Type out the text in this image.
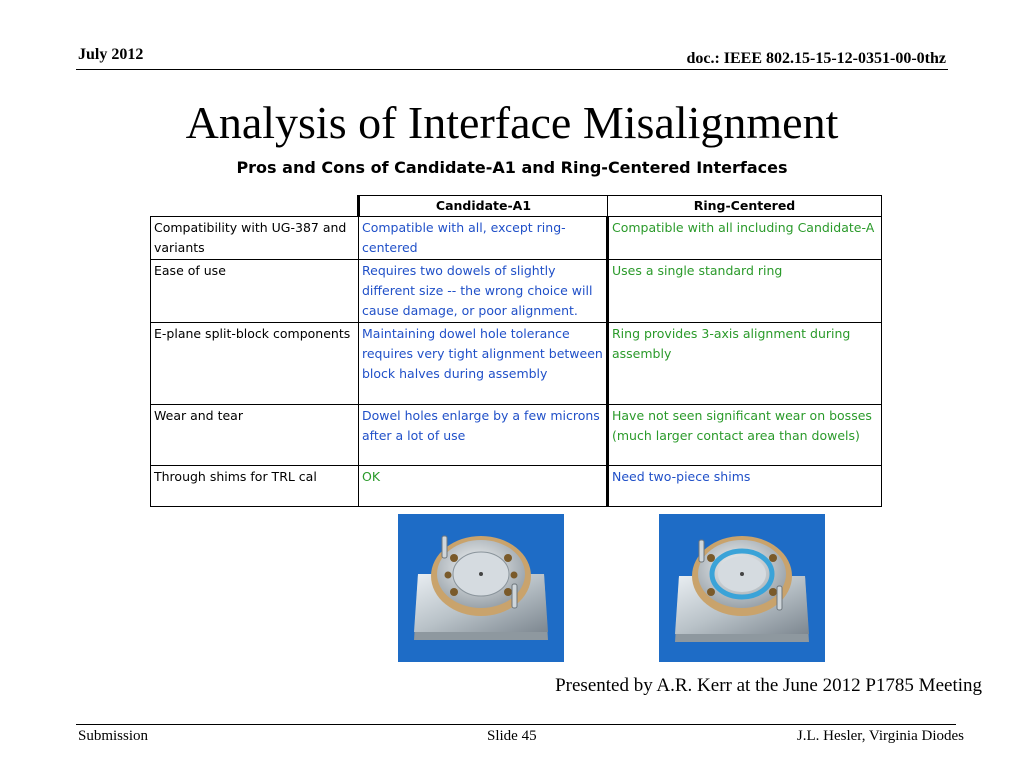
July 2012	doc.: IEEE 802.15-15-12-0351-00-0thz
Analysis of Interface Misalignment
Pros and Cons of Candidate-A1 and Ring-Centered Interfaces
	Candidate-A1	Ring-Centered
Compatibility with UG-387 and variants	Compatible with all, except ring-centered	Compatible with all including Candidate-A
Ease of use	Requires two dowels of slightly different size -- the wrong choice will cause damage, or poor alignment.	Uses a single standard ring
E-plane split-block components	Maintaining dowel hole tolerance requires very tight alignment between block halves during assembly	Ring provides 3-axis alignment during assembly
Wear and tear	Dowel holes enlarge by a few microns after a lot of use	Have not seen significant wear on bosses (much larger contact area than dowels)
Through shims for TRL cal	OK	Need two-piece shims
Presented by A.R. Kerr at the June 2012 P1785 Meeting
Submission	Slide 45	J.L. Hesler, Virginia Diodes
